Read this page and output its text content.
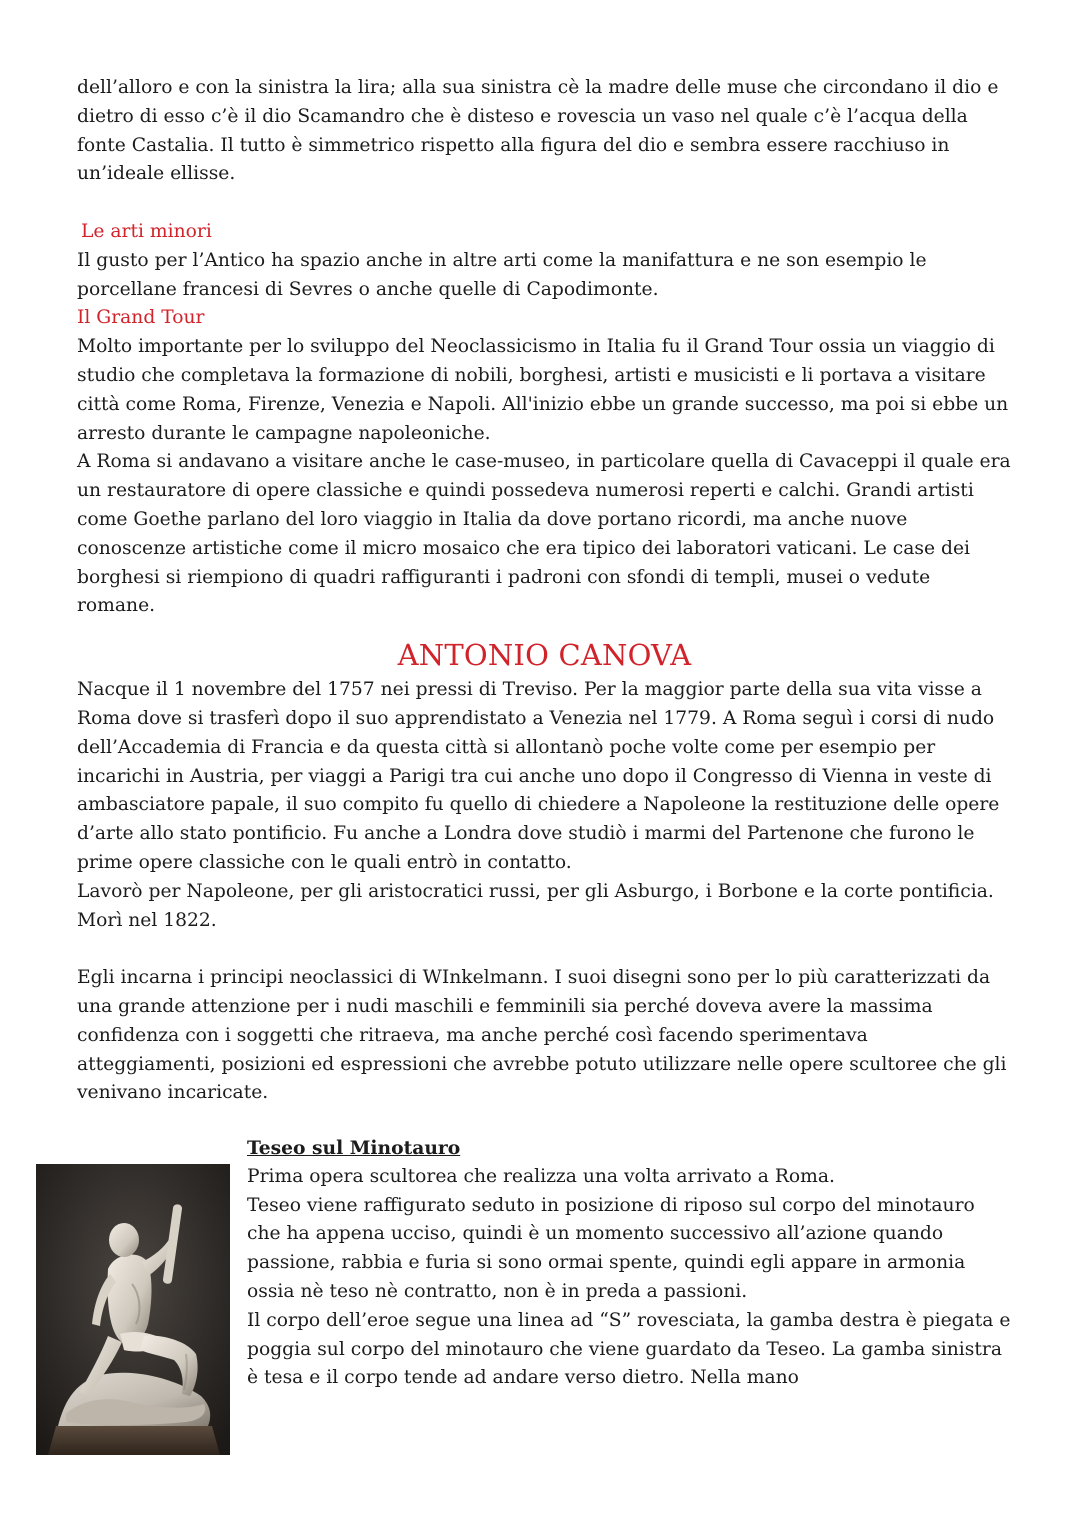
dell’alloro e con la sinistra la lira; alla sua sinistra cè la madre delle muse che circondano il dio e dietro di esso c’è il dio Scamandro che è disteso e rovescia un vaso nel quale c’è l’acqua della fonte Castalia. Il tutto è simmetrico rispetto alla figura del dio e sembra essere racchiuso in un’ideale ellisse.

Le arti minori

Il gusto per l’Antico ha spazio anche in altre arti come la manifattura e ne son esempio le porcellane francesi di Sevres o anche quelle di Capodimonte.

Il Grand Tour

Molto importante per lo sviluppo del Neoclassicismo in Italia fu il Grand Tour ossia un viaggio di studio che completava la formazione di nobili, borghesi, artisti e musicisti e li portava a visitare città come Roma, Firenze, Venezia e Napoli. All'inizio ebbe un grande successo, ma poi si ebbe un arresto durante le campagne napoleoniche.

A Roma si andavano a visitare anche le case-museo, in particolare quella di Cavaceppi il quale era un restauratore di opere classiche e quindi possedeva numerosi reperti e calchi. Grandi artisti come Goethe parlano del loro viaggio in Italia da dove portano ricordi, ma anche nuove conoscenze artistiche come il micro mosaico che era tipico dei laboratori vaticani. Le case dei borghesi si riempiono di quadri raffiguranti i padroni con sfondi di templi, musei o vedute romane.

ANTONIO CANOVA

Nacque il 1 novembre del 1757 nei pressi di Treviso. Per la maggior parte della sua vita visse a Roma dove si trasferì dopo il suo apprendistato a Venezia nel 1779. A Roma seguì i corsi di nudo dell’Accademia di Francia e da questa città si allontanò poche volte come per esempio per incarichi in Austria, per viaggi a Parigi tra cui anche uno dopo il Congresso di Vienna in veste di ambasciatore papale, il suo compito fu quello di chiedere a Napoleone la restituzione delle opere d’arte allo stato pontificio. Fu anche a Londra dove studiò i marmi del Partenone che furono le prime opere classiche con le quali entrò in contatto.

Lavorò per Napoleone, per gli aristocratici russi, per gli Asburgo, i Borbone e la corte pontificia. Morì nel 1822.

Egli incarna i principi neoclassici di WInkelmann. I suoi disegni sono per lo più caratterizzati da una grande attenzione per i nudi maschili e femminili sia perché doveva avere la massima confidenza con i soggetti che ritraeva, ma anche perché così facendo sperimentava atteggiamenti, posizioni ed espressioni che avrebbe potuto utilizzare nelle opere scultoree che gli venivano incaricate.

Teseo sul Minotauro

Prima opera scultorea che realizza una volta arrivato a Roma.

Teseo viene raffigurato seduto in posizione di riposo sul corpo del minotauro che ha appena ucciso, quindi è un momento successivo all’azione quando passione, rabbia e furia si sono ormai spente, quindi egli appare in armonia ossia nè teso nè contratto, non è in preda a passioni.

Il corpo dell’eroe segue una linea ad “S” rovesciata, la gamba destra è piegata e poggia sul corpo del minotauro che viene guardato da Teseo. La gamba sinistra è tesa e il corpo tende ad andare verso dietro. Nella mano
